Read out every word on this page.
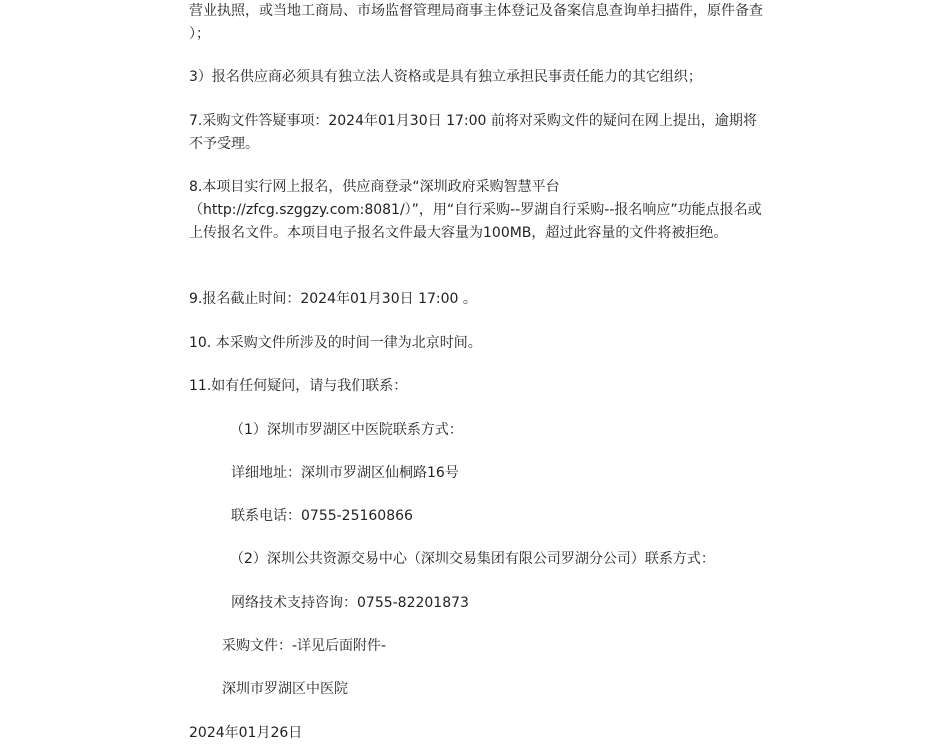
营业执照，或当地工商局、市场监督管理局商事主体登记及备案信息查询单扫描件，原件备查 ）；

3）报名供应商必须具有独立法人资格或是具有独立承担民事责任能力的其它组织；

7.采购文件答疑事项：2024年01月30日 17:00 前将对采购文件的疑问在网上提出，逾期将不予受理。

8.本项目实行网上报名，供应商登录“深圳政府采购智慧平台（http://zfcg.szggzy.com:8081/）”，用“自行采购--罗湖自行采购--报名响应”功能点报名或上传报名文件。本项目电子报名文件最大容量为100MB，超过此容量的文件将被拒绝。

9.报名截止时间：2024年01月30日 17:00 。

10. 本采购文件所涉及的时间一律为北京时间。

11.如有任何疑问，请与我们联系：

（1）深圳市罗湖区中医院联系方式：

详细地址：深圳市罗湖区仙桐路16号

联系电话：0755-25160866

（2）深圳公共资源交易中心（深圳交易集团有限公司罗湖分公司）联系方式：

网络技术支持咨询：0755-82201873

采购文件：-详见后面附件-

深圳市罗湖区中医院

2024年01月26日
